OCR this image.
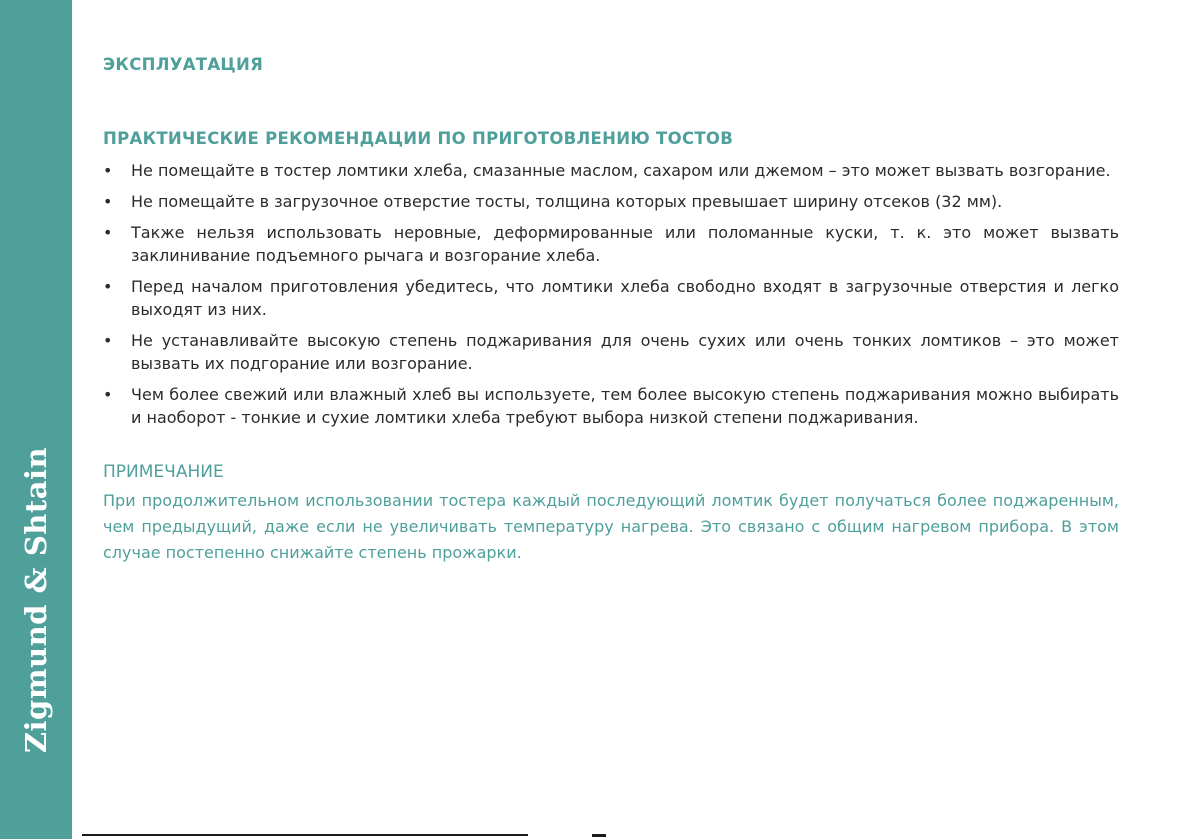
Zigmund & Shtain
ЭКСПЛУАТАЦИЯ
ПРАКТИЧЕСКИЕ РЕКОМЕНДАЦИИ ПО ПРИГОТОВЛЕНИЮ ТОСТОВ
• Не помещайте в тостер ломтики хлеба, смазанные маслом, сахаром или джемом – это может вызвать возгорание.
• Не помещайте в загрузочное отверстие тосты, толщина которых превышает ширину отсеков (32 мм).
• Также нельзя использовать неровные, деформированные или поломанные куски, т. к. это может вызвать заклинивание подъемного рычага и возгорание хлеба.
• Перед началом приготовления убедитесь, что ломтики хлеба свободно входят в загрузочные отверстия и легко выходят из них.
• Не устанавливайте высокую степень поджаривания для очень сухих или очень тонких ломтиков – это может вызвать их подгорание или возгорание.
• Чем более свежий или влажный хлеб вы используете, тем более высокую степень поджаривания можно выбирать и наоборот - тонкие и сухие ломтики хлеба требуют выбора низкой степени поджаривания.
ПРИМЕЧАНИЕ

При продолжительном использовании тостера каждый последующий ломтик будет получаться более поджаренным, чем предыдущий, даже если не увеличивать температуру нагрева. Это связано с общим нагревом прибора. В этом случае постепенно снижайте степень прожарки.
